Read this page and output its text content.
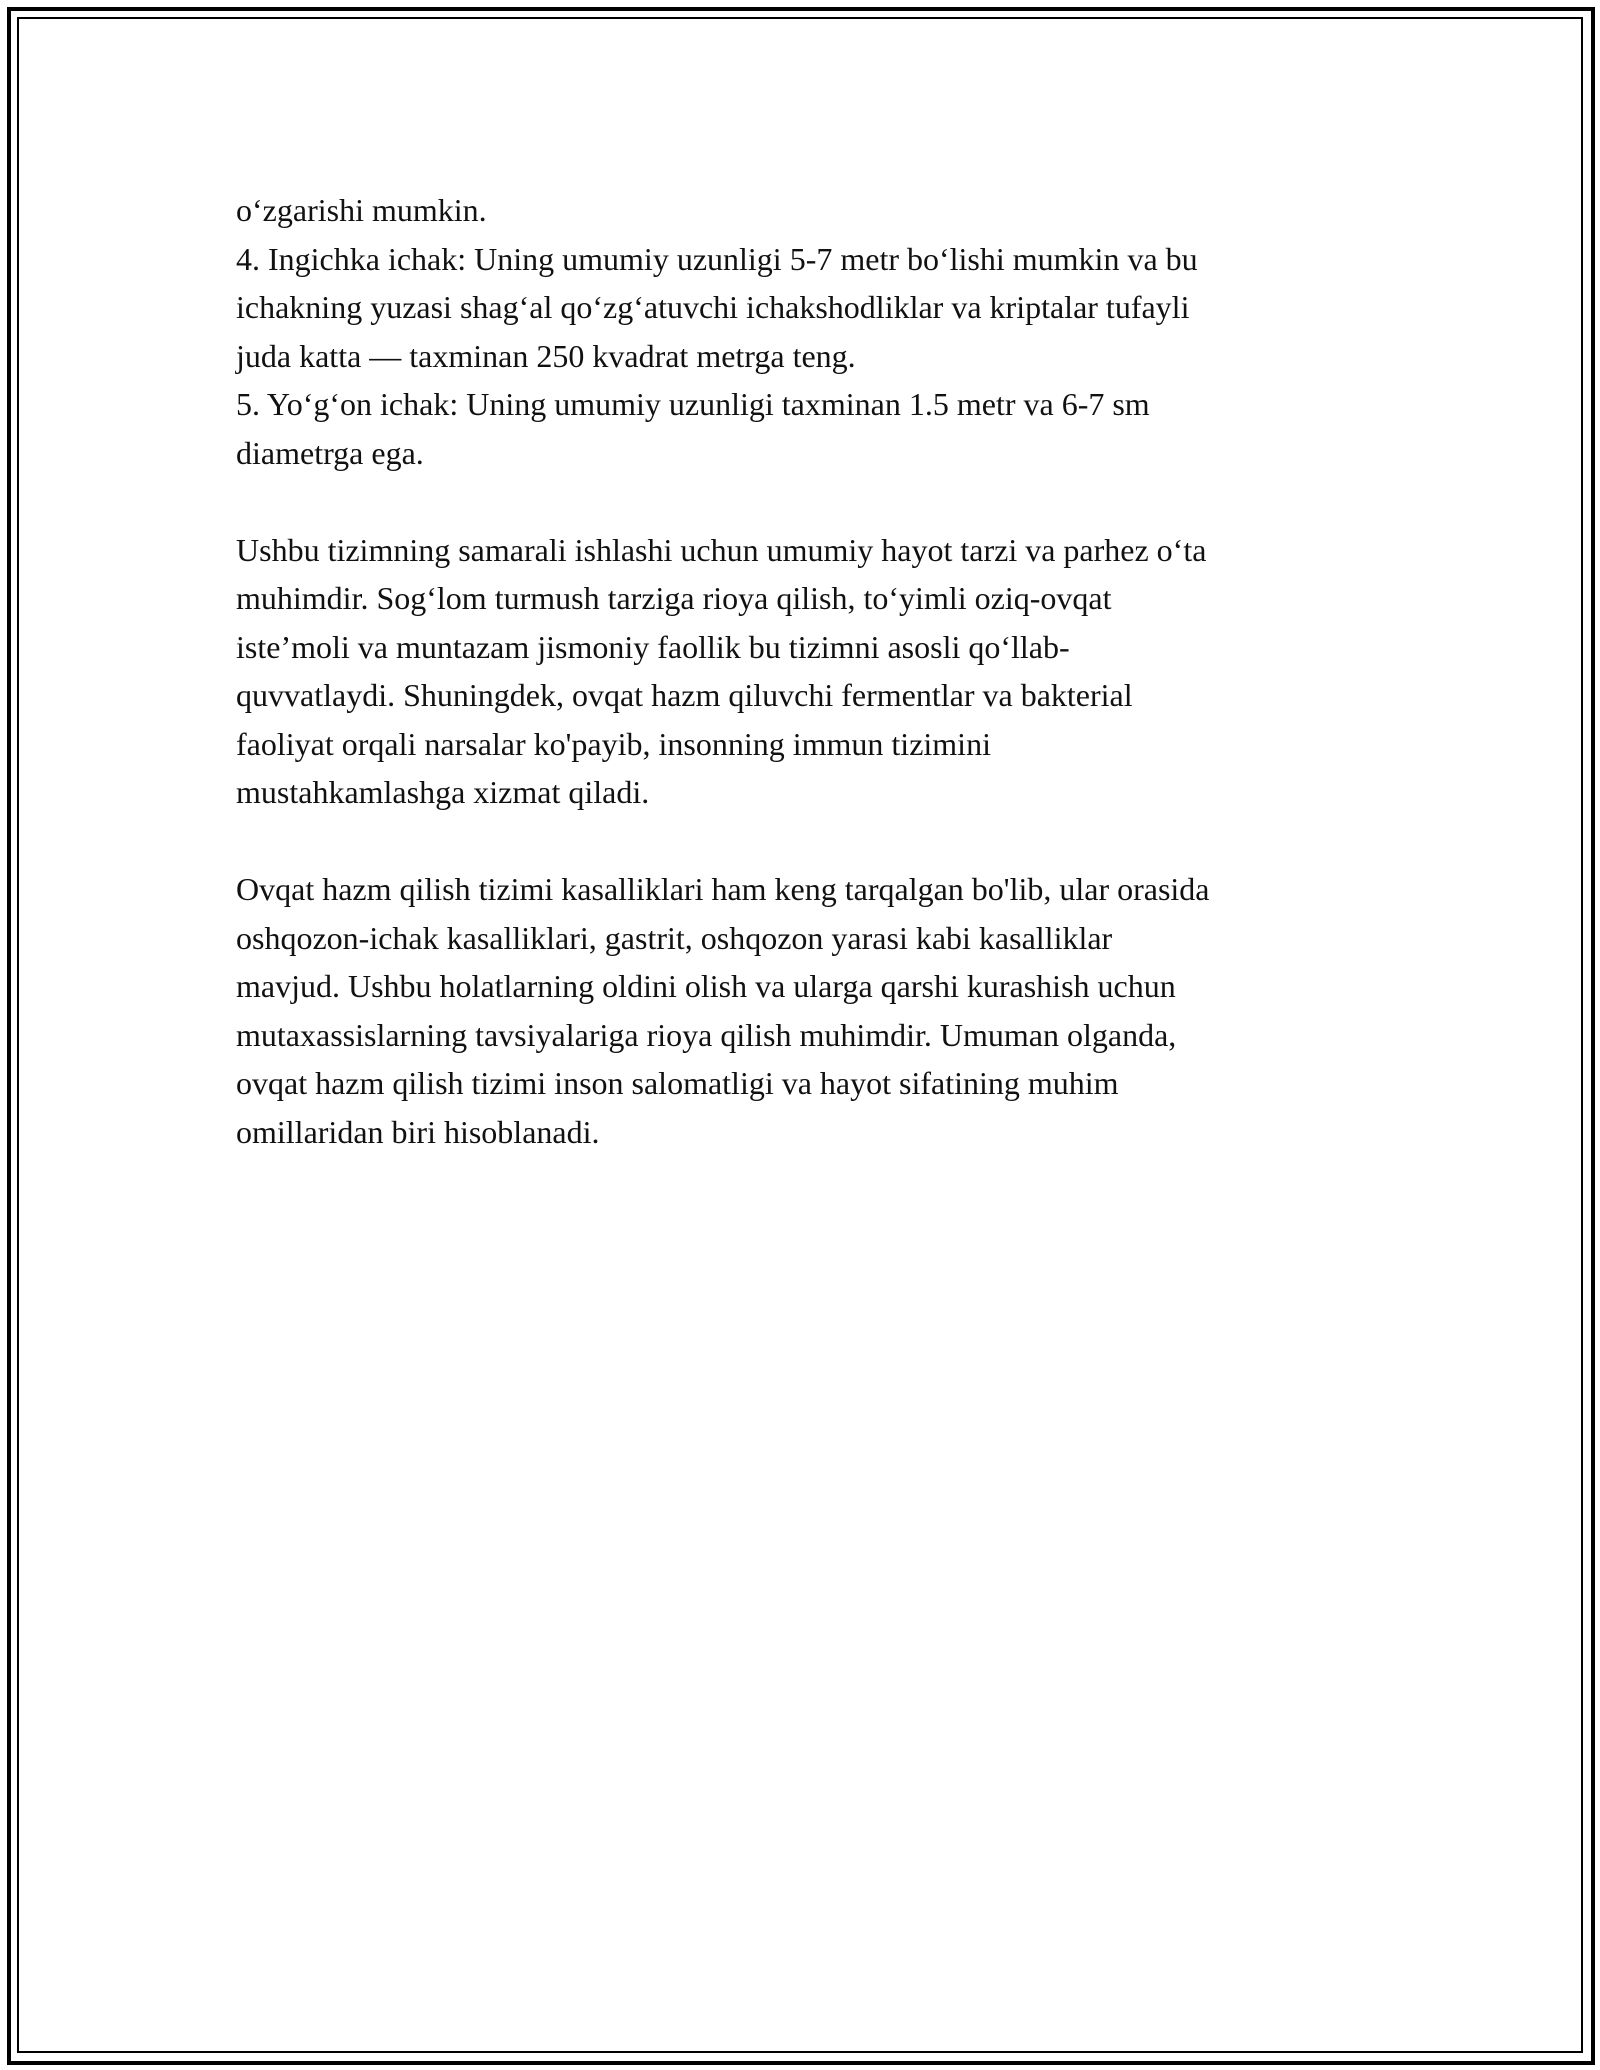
o‘zgarishi mumkin.
4. Ingichka ichak: Uning umumiy uzunligi 5-7 metr bo‘lishi mumkin va bu
ichakning yuzasi shag‘al qo‘zg‘atuvchi ichakshodliklar va kriptalar tufayli
juda katta — taxminan 250 kvadrat metrga teng.
5. Yo‘g‘on ichak: Uning umumiy uzunligi taxminan 1.5 metr va 6-7 sm
diametrga ega.
Ushbu tizimning samarali ishlashi uchun umumiy hayot tarzi va parhez o‘ta
muhimdir. Sog‘lom turmush tarziga rioya qilish, to‘yimli oziq-ovqat
iste’moli va muntazam jismoniy faollik bu tizimni asosli qo‘llab-
quvvatlaydi. Shuningdek, ovqat hazm qiluvchi fermentlar va bakterial
faoliyat orqali narsalar ko'payib, insonning immun tizimini
mustahkamlashga xizmat qiladi.
Ovqat hazm qilish tizimi kasalliklari ham keng tarqalgan bo'lib, ular orasida
oshqozon-ichak kasalliklari, gastrit, oshqozon yarasi kabi kasalliklar
mavjud. Ushbu holatlarning oldini olish va ularga qarshi kurashish uchun
mutaxassislarning tavsiyalariga rioya qilish muhimdir. Umuman olganda,
ovqat hazm qilish tizimi inson salomatligi va hayot sifatining muhim
omillaridan biri hisoblanadi.
